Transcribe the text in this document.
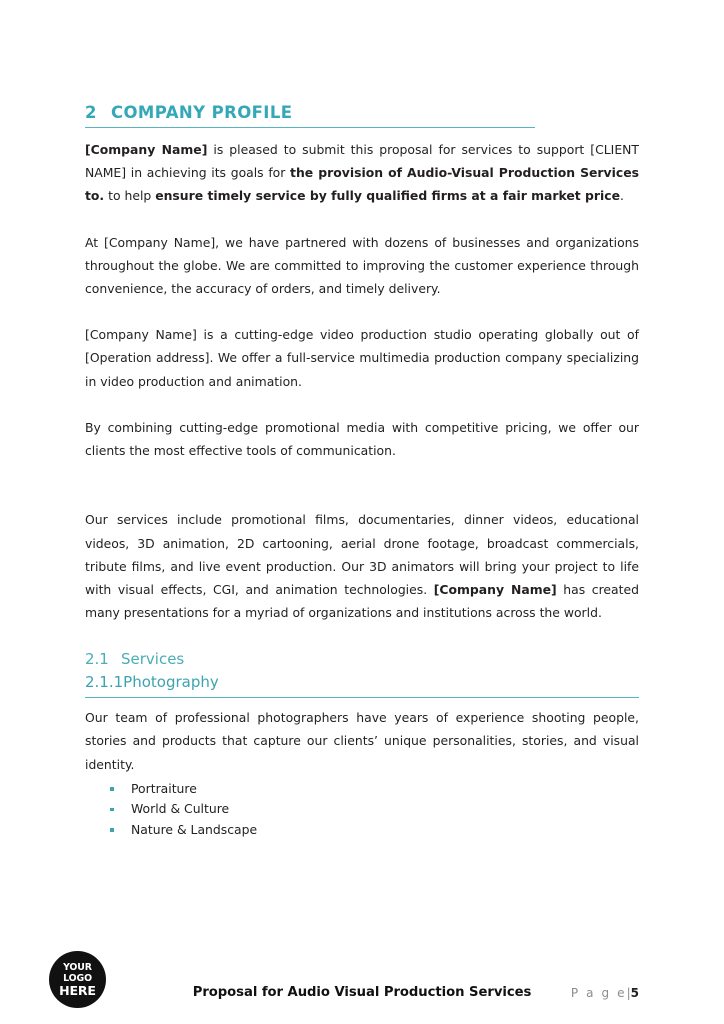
2 COMPANY PROFILE

[Company Name] is pleased to submit this proposal for services to support [CLIENT NAME] in achieving its goals for the provision of Audio-Visual Production Services to. to help ensure timely service by fully qualified firms at a fair market price.

At [Company Name], we have partnered with dozens of businesses and organizations throughout the globe. We are committed to improving the customer experience through convenience, the accuracy of orders, and timely delivery.

[Company Name] is a cutting-edge video production studio operating globally out of [Operation address]. We offer a full-service multimedia production company specializing in video production and animation.

By combining cutting-edge promotional media with competitive pricing, we offer our clients the most effective tools of communication.

Our services include promotional films, documentaries, dinner videos, educational videos, 3D animation, 2D cartooning, aerial drone footage, broadcast commercials, tribute films, and live event production. Our 3D animators will bring your project to life with visual effects, CGI, and animation technologies. [Company Name] has created many presentations for a myriad of organizations and institutions across the world.

2.1 Services
2.1.1Photography

Our team of professional photographers have years of experience shooting people, stories and products that capture our clients’ unique personalities, stories, and visual identity.

Portraiture
World & Culture
Nature & Landscape
YOUR
LOGO
HERE	Proposal for Audio Visual Production Services	P a g e|5
